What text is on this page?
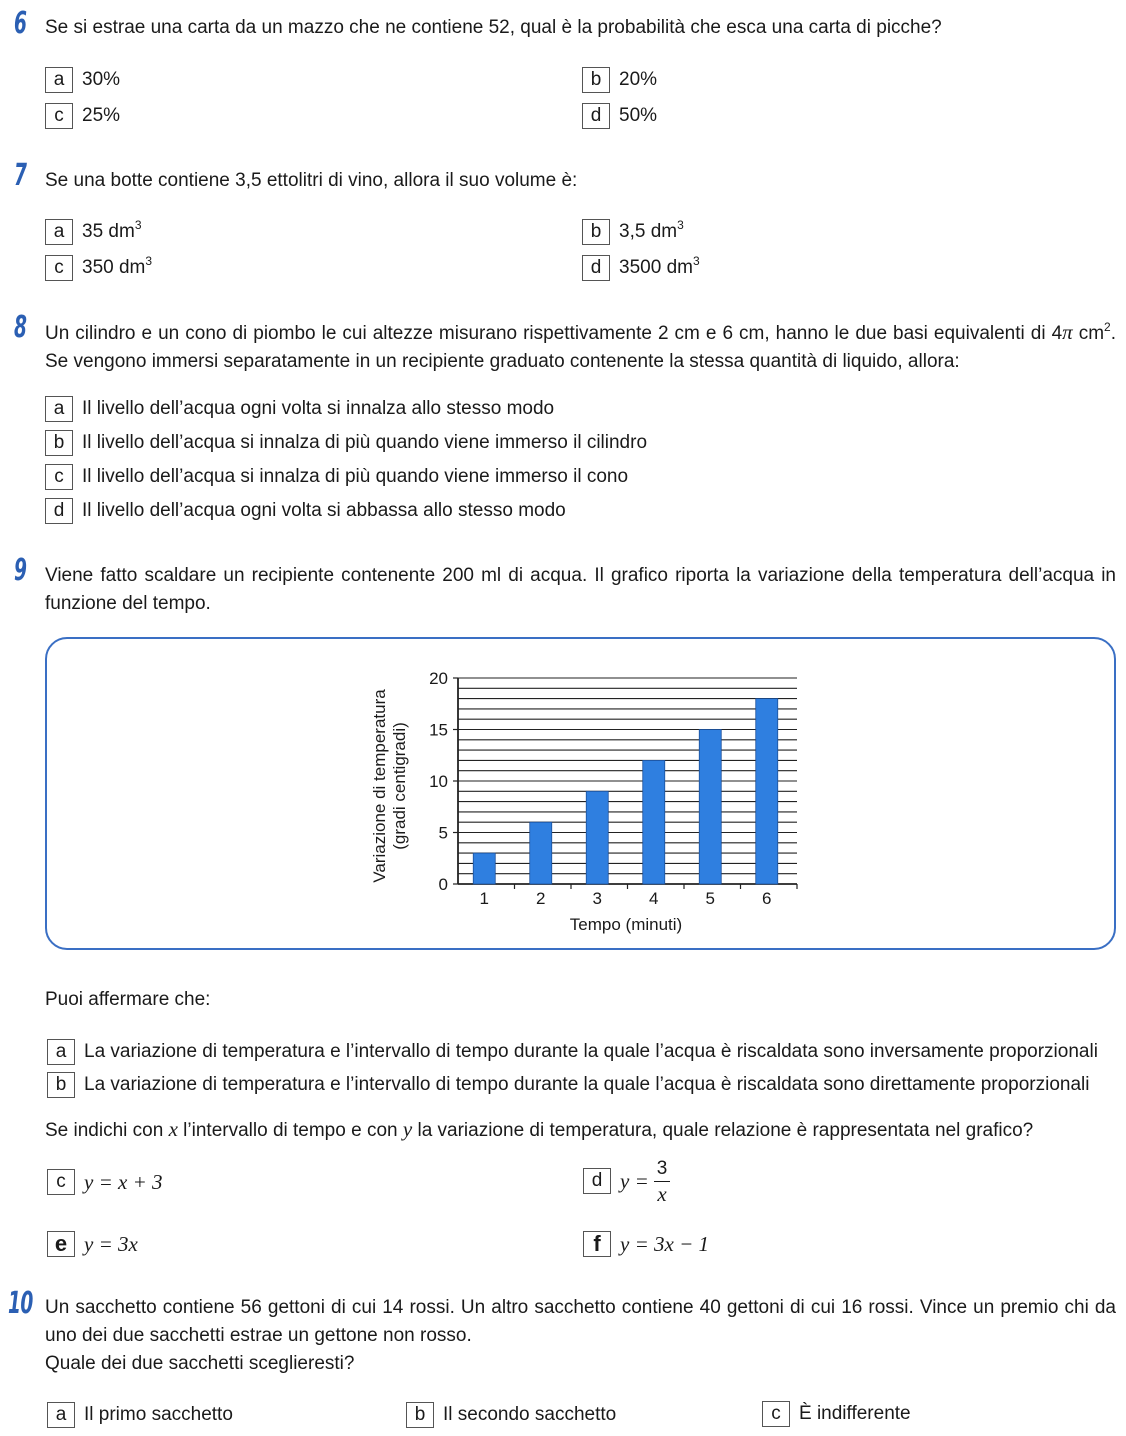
6 Se si estrae una carta da un mazzo che ne contiene 52, qual è la probabilità che esca una carta di picche?
a 30%	b 20%
c 25%	d 50%
7 Se una botte contiene 3,5 ettolitri di vino, allora il suo volume è:
a 35 $dm^3$	b 3,5 $dm^3$
c 350 $dm^3$	d 3500 $dm^3$
8 Un cilindro e un cono di piombo le cui altezze misurano rispettivamente 2 cm e 6 cm, hanno le due basi equivalenti di 4π $cm^2$. Se vengono immersi separatamente in un recipiente graduato contenente la stessa quantità di liquido, allora:
a Il livello dell’acqua ogni volta si innalza allo stesso modo
b Il livello dell’acqua si innalza di più quando viene immerso il cilindro
c Il livello dell’acqua si innalza di più quando viene immerso il cono
d Il livello dell’acqua ogni volta si abbassa allo stesso modo
9 Viene fatto scaldare un recipiente contenente 200 ml di acqua. Il grafico riporta la variazione della temperatura dell’acqua in funzione del tempo.
0
5
10
15
20
1	2	3	4	5	6
Tempo (minuti)
Variazione di temperatura (gradi centigradi)
Puoi affermare che:
a La variazione di temperatura e l’intervallo di tempo durante la quale l’acqua è riscaldata sono inversamente proporzionali
b La variazione di temperatura e l’intervallo di tempo durante la quale l’acqua è riscaldata sono direttamente proporzionali
Se indichi con x l’intervallo di tempo e con y la variazione di temperatura, quale relazione è rappresentata nel grafico?
c y = x + 3	d $y = \frac{3}{x}$
e y = 3x	f y = 3x − 1
10 Un sacchetto contiene 56 gettoni di cui 14 rossi. Un altro sacchetto contiene 40 gettoni di cui 16 rossi. Vince un premio chi da uno dei due sacchetti estrae un gettone non rosso.
Quale dei due sacchetti sceglieresti?
a Il primo sacchetto	b Il secondo sacchetto	c È indifferente
